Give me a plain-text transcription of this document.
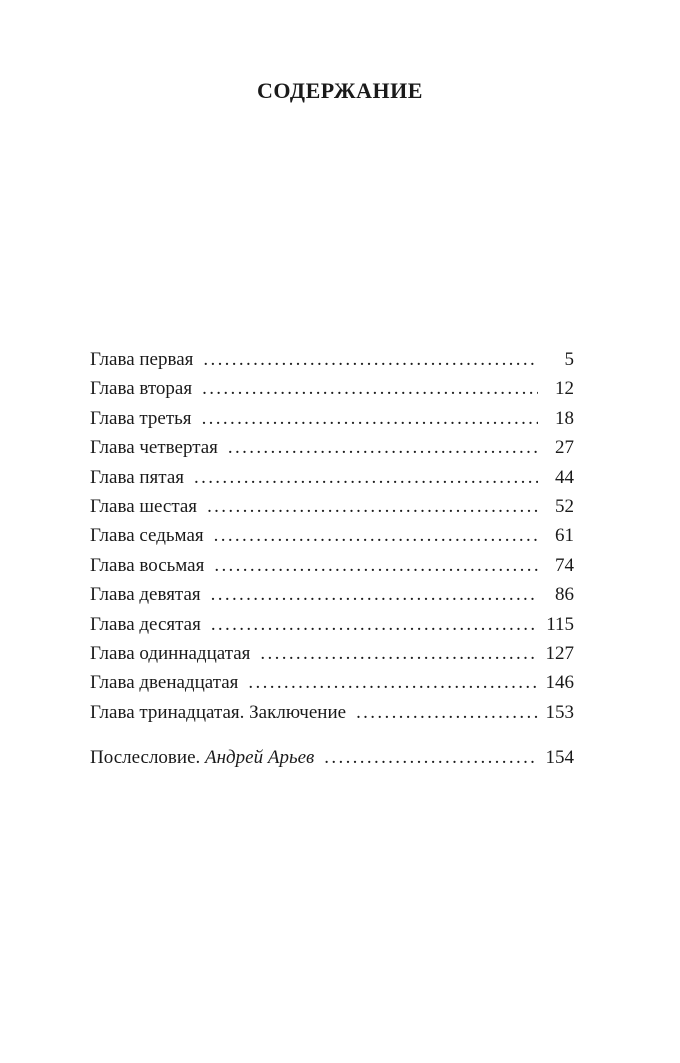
СОДЕРЖАНИЕ
Глава первая . . .	5
Глава вторая . . .	12
Глава третья . . .	18
Глава четвертая . . .	27
Глава пятая . . .	44
Глава шестая . . .	52
Глава седьмая . . .	61
Глава восьмая . . .	74
Глава девятая . . .	86
Глава десятая . . .	115
Глава одиннадцатая . . .	127
Глава двенадцатая . . .	146
Глава тринадцатая. Заключение . . .	153
Послесловие. Андрей Арьев . . .	154
